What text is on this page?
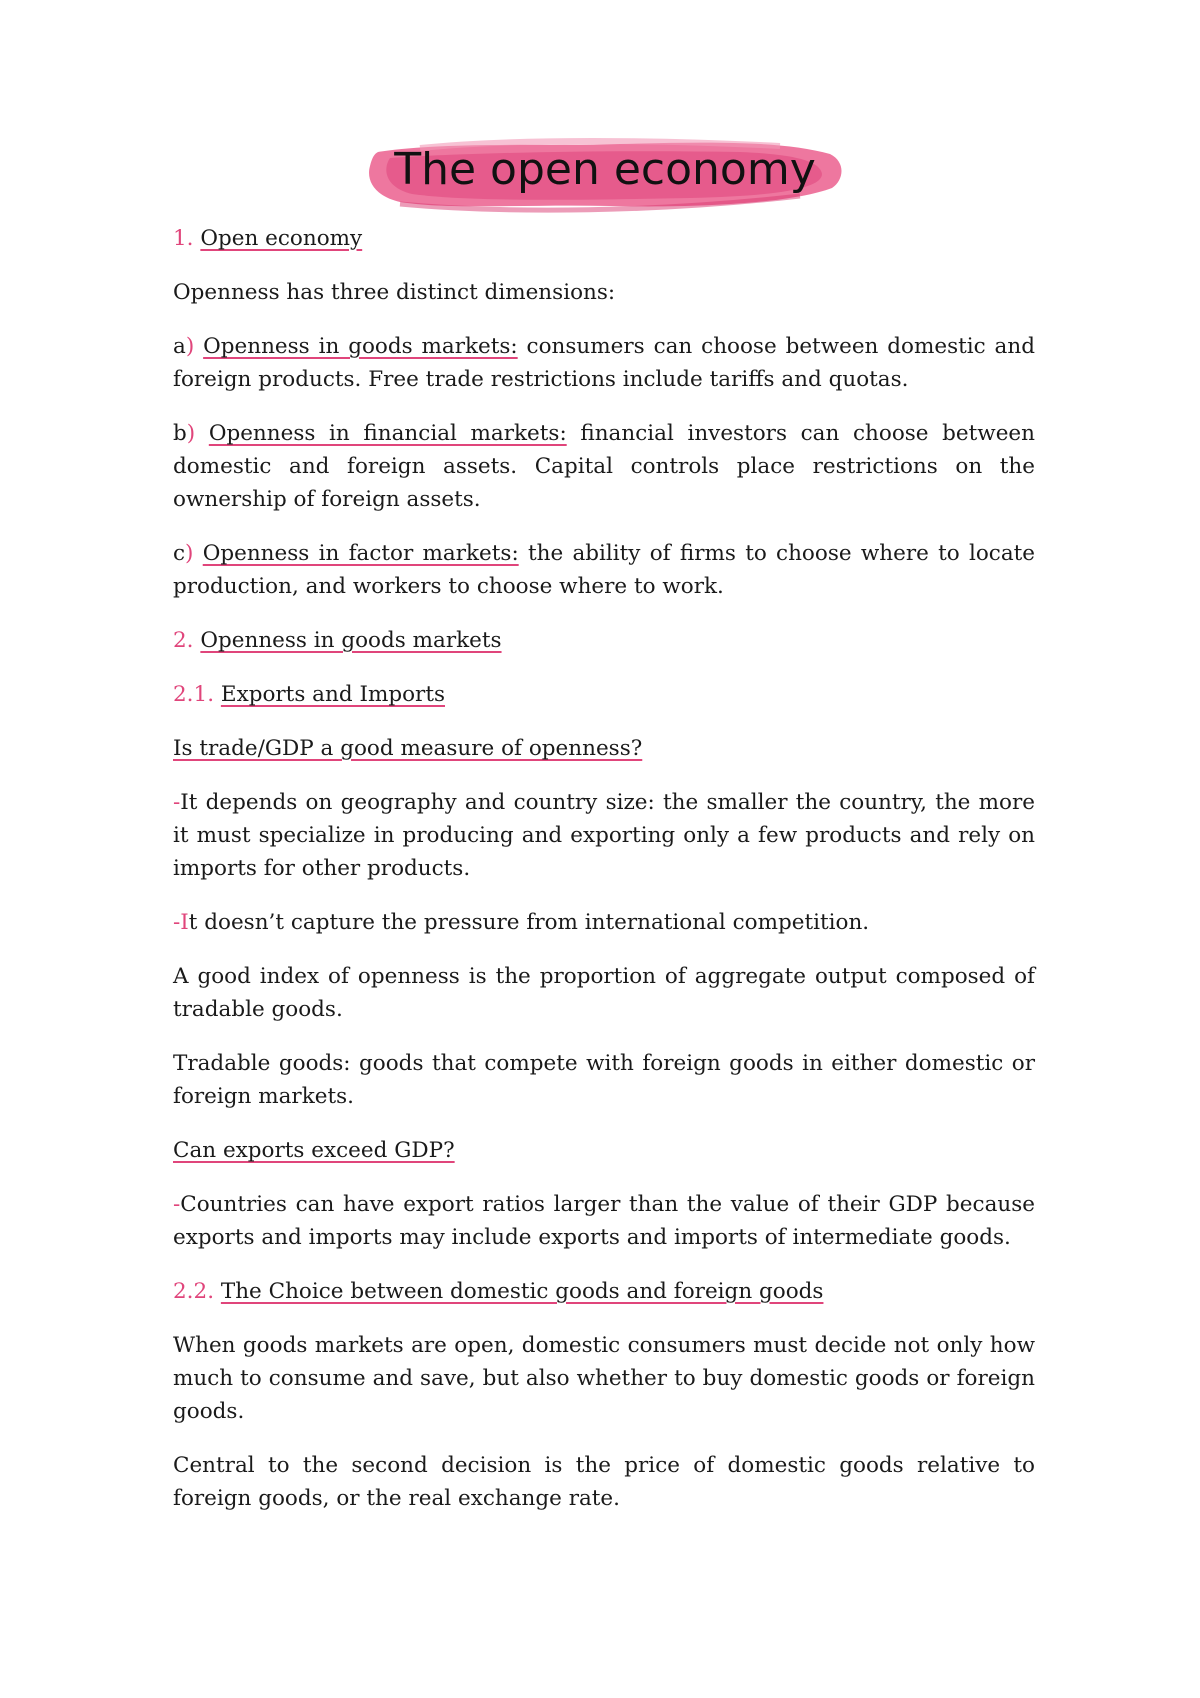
The open economy

1. Open economy

Openness has three distinct dimensions:

a) Openness in goods markets: consumers can choose between domestic and foreign products. Free trade restrictions include tariffs and quotas.

b) Openness in financial markets: financial investors can choose between domestic and foreign assets. Capital controls place restrictions on the ownership of foreign assets.

c) Openness in factor markets: the ability of firms to choose where to locate production, and workers to choose where to work.

2. Openness in goods markets

2.1. Exports and Imports

Is trade/GDP a good measure of openness?

-It depends on geography and country size: the smaller the country, the more it must specialize in producing and exporting only a few products and rely on imports for other products.

-It doesn’t capture the pressure from international competition.

A good index of openness is the proportion of aggregate output composed of tradable goods.

Tradable goods: goods that compete with foreign goods in either domestic or foreign markets.

Can exports exceed GDP?

-Countries can have export ratios larger than the value of their GDP because exports and imports may include exports and imports of intermediate goods.

2.2. The Choice between domestic goods and foreign goods

When goods markets are open, domestic consumers must decide not only how much to consume and save, but also whether to buy domestic goods or foreign goods.

Central to the second decision is the price of domestic goods relative to foreign goods, or the real exchange rate.
